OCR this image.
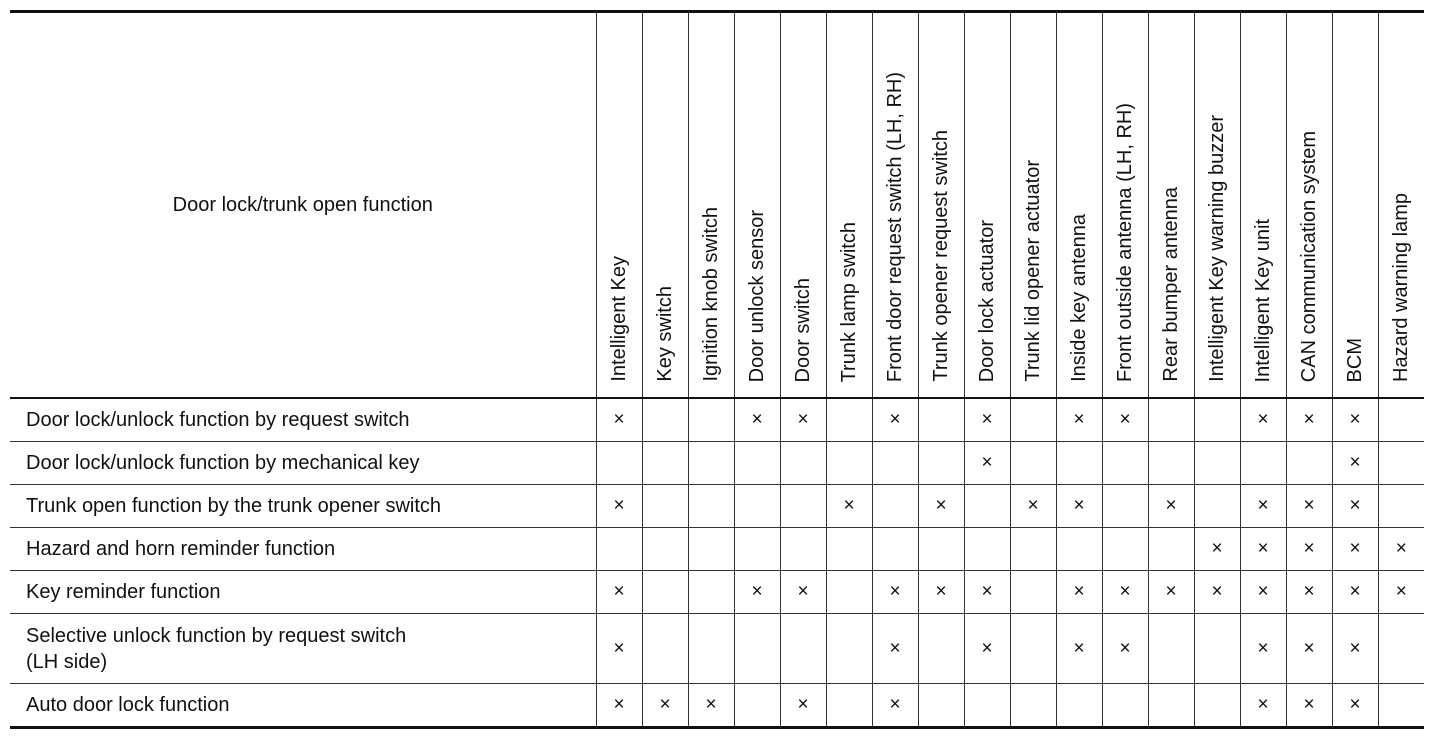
Door lock/trunk open function	Intelligent Key	Key switch	Ignition knob switch	Door unlock sensor	Door switch	Trunk lamp switch	Front door request switch (LH, RH)	Trunk opener request switch	Door lock actuator	Trunk lid opener actuator	Inside key antenna	Front outside antenna (LH, RH)	Rear bumper antenna	Intelligent Key warning buzzer	Intelligent Key unit	CAN communication system	BCM	Hazard warning lamp
Door lock/unlock function by request switch	×			×	×		×		×		×	×			×	×	×	
Door lock/unlock function by mechanical key									×								×	
Trunk open function by the trunk opener switch	×					×		×		×	×		×		×	×	×	
Hazard and horn reminder function														×	×	×	×	×
Key reminder function	×			×	×		×	×	×		×	×	×	×	×	×	×	×

Selective unlock function by request switch
(LH side)	×						×		×		×	×			×	×	×	
Auto door lock function	×	×	×		×		×								×	×	×	
